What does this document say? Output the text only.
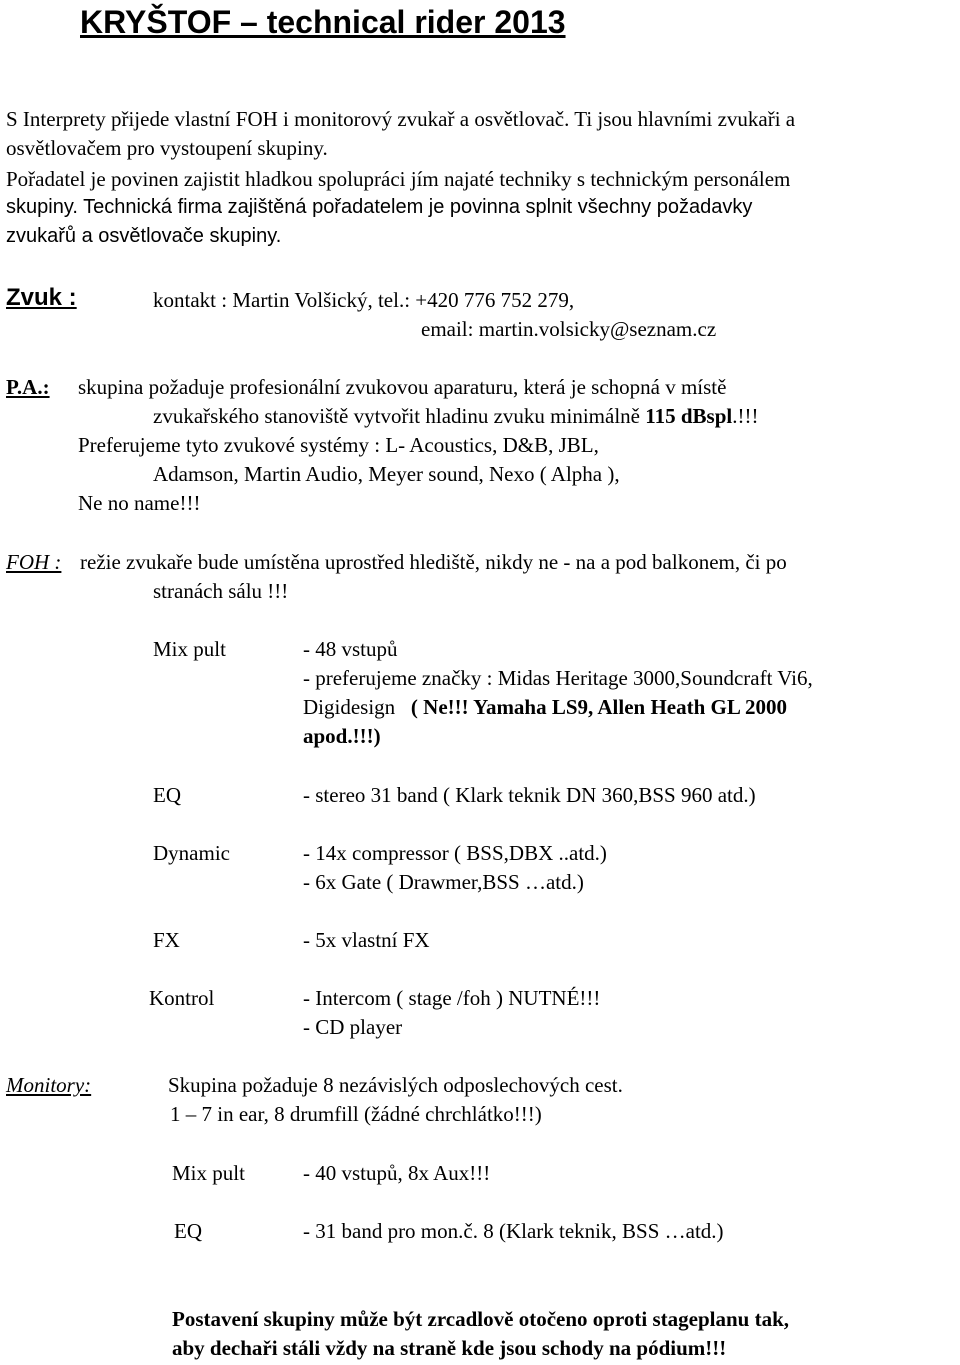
KRYŠTOF – technical rider 2013
S Interprety přijede vlastní FOH i monitorový zvukař a osvětlovač. Ti jsou hlavními zvukaři a
osvětlovačem pro vystoupení skupiny.
Pořadatel je povinen zajistit hladkou spolupráci jím najaté techniky s technickým personálem
skupiny. Technická firma zajištěná pořadatelem je povinna splnit všechny požadavky
zvukařů a osvětlovače skupiny.
Zvuk :	kontakt : Martin Volšický, tel.: +420 776 752 279,
email: martin.volsicky@seznam.cz
P.A.: skupina požaduje profesionální zvukovou aparaturu, která je schopná v místě
zvukařského stanoviště vytvořit hladinu zvuku minimálně 115 dBspl.!!!
Preferujeme tyto zvukové systémy : L- Acoustics, D&B, JBL,
Adamson, Martin Audio, Meyer sound, Nexo ( Alpha ),
Ne no name!!!
FOH : režie zvukaře bude umístěna uprostřed hlediště, nikdy ne - na a pod balkonem, či po
stranách sálu !!!
Mix pult	- 48 vstupů
- preferujeme značky : Midas Heritage 3000,Soundcraft Vi6,
Digidesign ( Ne!!! Yamaha LS9, Allen Heath GL 2000
apod.!!!)
EQ	- stereo 31 band ( Klark teknik DN 360,BSS 960 atd.)
Dynamic	- 14x compressor ( BSS,DBX ..atd.)
- 6x Gate ( Drawmer,BSS …atd.)
FX	- 5x vlastní FX
Kontrol	- Intercom ( stage /foh ) NUTNÉ!!!
- CD player
Monitory:	Skupina požaduje 8 nezávislých odposlechových cest.
1 – 7 in ear, 8 drumfill (žádné chrchlátko!!!)
Mix pult	- 40 vstupů, 8x Aux!!!
EQ	- 31 band pro mon.č. 8 (Klark teknik, BSS …atd.)
Postavení skupiny může být zrcadlově otočeno oproti stageplanu tak,
aby dechaři stáli vždy na straně kde jsou schody na pódium!!!
